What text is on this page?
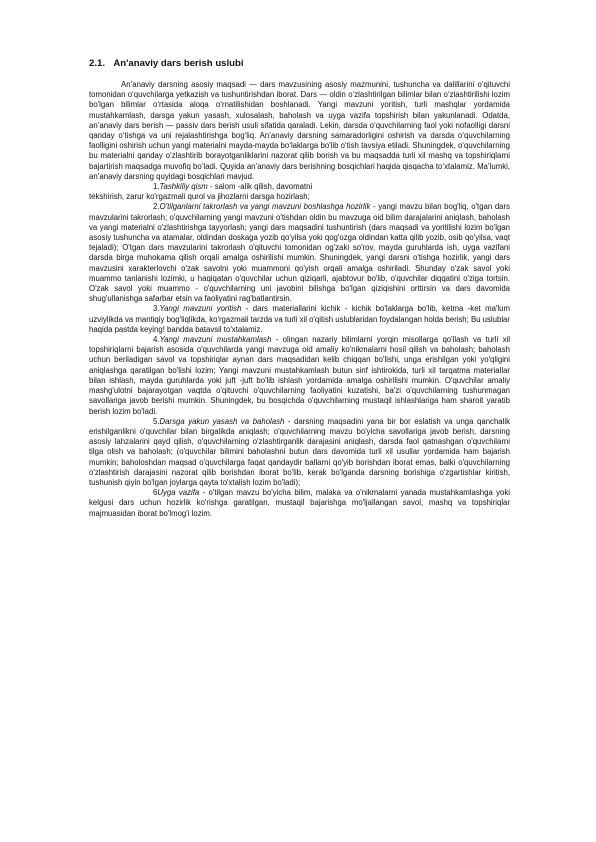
2.1. An'anaviy dars berish uslubi

An’anaviy darsning asosiy maqsadi — dars mavzusining asosiy mazmunini, tushuncha va dalillarini o‘qituvchi tomonidan o‘quvchilarga yetkazish va tushuntirishdan iborat. Dars — oldin o‘zlashtirilgan bilimlar bilan o‘zlashtirilishi lozim bo'lgan bilimlar o‘rtasida aloqa o‘rnatilishidan boshlanadi. Yangi mavzuni yoritish, turli mashqlar yordamida mustahkamlash, darsga yakun yasash, xulosalash, baholash va uyga vazifa topshirish bilan yakunlanadi. Odatda, an’anaviy dars berish — passiv dars berish usuli sifatida qaraladi. Lekin, darsda o‘quvchilarning faol yoki nofaolligi darsni qanday o‘tishga va uni rejalashtirishga bog‘liq. An’anaviy darsning samaradorligini oshirish va darsda o‘quvchilarning faolligini oshirish uchun yangi materialni mayda-mayda bo‘laklarga bo'lib o‘tish tavsiya etiladi. Shuningdek, o‘quvchilarning bu materialni qanday o‘zlashtirib borayotganliklarini nazorat qilib borish va bu maqsadda turli xil mashq va topshiriqlarni bajartirish maqsadga muvofiq bo‘ladi. Quyida an’anaviy dars berishning bosqichlari haqida qisqacha to‘xtalamiz. Ma’lumki, an’anaviy darsning quyidagi bosqichlari mavjud.

1.Tashkiliy qism - salom -alik qilish, davomatni

tekshirish, zarur ko'rgazmali qurol va jihozlarni darsga hozirlash;

2.O'tilganlarni takrorlash va yangi mavzuni boshlashga hozirlik - yangi mavzu bilan bog'liq, o'tgan dars mavzularini takrorlash; o'quvchilarning yangi mavzuni o'tishdan oldin bu mavzuga oid bilim darajalarini aniqlash, baholash va yangi materialni o'zlashtirishga tayyorlash; yangi dars maqsadini tushuntirish (dars maqsadi va yoritilishi lozim bo'lgan asosiy tushuncha va atamalar, oldindan doskaga yozib qo'yilsa yoki qog'ozga oldindan katta qilib yozib, osib qo'yilsa, vaqt tejaladi); O'tgan dars mavzularini takrorlash o'qituvchi tomonidan og'zaki so'rov, mayda guruhlarda ish, uyga vazifani darsda birga muhokama qilish orqali amalga oshirilishi mumkin. Shuningdek, yangi darsni o'tishga hozirlik, yangi dars mavzusini xarakterlovchi o'zak savolni yoki muammoni qo'yish orqali amalga oshiriladi. Shunday o'zak savol yoki muammo tanlanishi lozimki, u haqiqatan o'quvchilar uchun qiziqarli, ajabtovur bo'lib, o'quvchilar diqqatini o'ziga tortsin. O'zak savol yoki muammo - o'quvchilarning uni javobini bilishga bo'lgan qiziqishini orttirsin va dars davomida shug'ullanishga safarbar etsin va faoliyatini rag'batlantirsin.

3.Yangi mavzuni yoritish - dars materiallarini kichik - kichik bo'laklarga bo'lib, ketma -ket ma'lum uzviylikda va mantiqiy bog'liqlikda, ko'rgazmali tarzda va turli xil o'qitish uslublaridan foydalangan holda berish; Bu uslublar haqida pastda keying! bandda batavsil to'xtalamiz.

4.Yangi mavzuni mustahkamlash - olingan nazariy bilimlarni yorqin misollarga qo'llash va turli xil topshiriqlarni bajarish asosida o'quvchilarda yangi mavzuga oid amaliy ko'nikmalarni hosil qilish va baholash; baholash uchun beriladigan savol va topshiriqlar aynan dars maqsadidan kelib chiqqan bo'lishi, unga erishilgan yoki yo'qligini aniqlashga qaratilgan bo'lishi lozim; Yangi mavzuni mustahkamlash butun sinf ishtirokida, turli xil tarqatma materiallar bilan ishlash, mayda guruhlarda yoki juft -juft bo'lib ishlash yordamida amalga oshirilishi mumkin. O'quvchilar amaliy mashg'ulotni bajarayotgan vaqtda o'qituvchi o'quvchilarning faoliyatini kuzatishi, ba'zi o'quvchilarning tushunmagan savollariga javob berishi mumkin. Shuningdek, bu bosqichda o'quvchilarning mustaqil ishlashlariga ham sharoit yaratib berish lozim bo'ladi.

5.Darsga yakun yasash va baholash - darsning maqsadini yana bir bor eslatish va unga qanchalik erishilganlikni o'quvchilar bilan birgalikda aniqlash; o'quvchilarning mavzu bo'yicha savollariga javob berish, darsning asosiy lahzalarini qayd qilish, o'quvchilarning o'zlashtirganlik darajasini aniqlash, darsda faol qatnashgan o'quvchilarni tilga olish va baholash; (o'quvchilar bilimini baholashni butun dars davomida turli xil usullar yordamida ham bajarish mumkin; baholoshdan maqsad o'quvchilarga faqat qandaydir ballarni qo'yib borishdan iborat emas, balki o'quvchilarning o'zlashtirish darajasini nazorat qilib borishdan iborat bo'lib, kerak bo'lganda darsning borishiga o'zgartishlar kiritish, tushunish qiyin bo'lgan joylarga qayta to'xtalish lozim bo'ladi);

6Uyga vazifa - o'tilgan mavzu bo'yicha bilim, malaka va o'nikmalarni yanada mustahkamlashga yoki kelgusi dars uchun hozirlik ko'rishga garatilgan, mustaqil bajarishga mo'ljallangan savol, mashq va topshiriqlar majmuasidan iborat bo'lmog'i lozim.
